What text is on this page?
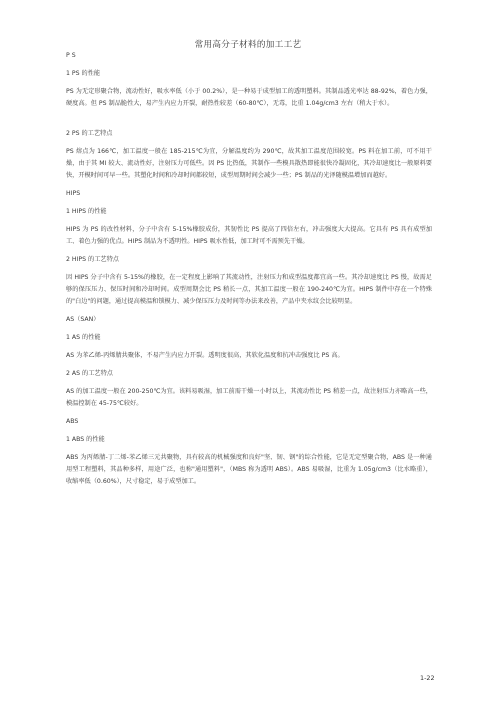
常用高分子材料的加工工艺
P S
1 PS 的性能
PS 为无定形聚合物，流动性好，吸水率低（小于 00.2%），是一种易于成型加工的透明塑料。其制品透光率达 88-92%，着色力强，硬度高。但 PS 制品脆性大，易产生内应力开裂，耐热性较差（60-80℃），无毒，比重 1.04g/cm3 左右（稍大于水）。
2 PS 的工艺特点
PS 熔点为 166℃，加工温度一般在 185-215℃为宜，分解温度约为 290℃，故其加工温度范围较宽。PS 料在加工前，可不用干燥，由于其 MI 较大、流动性好，注射压力可低些。因 PS 比热低，其制作一些模具散热即能很快冷凝固化，其冷却速度比一般原料要快，开模时间可早一些。其塑化时间和冷却时间都较短，成型周期时间会减少一些；PS 制品的光泽随模温增加而越好。
HIPS
1 HIPS 的性能
HIPS 为 PS 的改性材料，分子中含有 5-15%橡胶成份，其韧性比 PS 提高了四倍左右，冲击强度大大提高。它具有 PS 具有成型加工、着色力强的优点。HIPS 制品为不透明性。HIPS 吸水性低，加工时可不需预先干燥。
2 HIPS 的工艺特点
因 HIPS 分子中含有 5-15%的橡胶，在一定程度上影响了其流动性，注射压力和成型温度都宜高一些。其冷却速度比 PS 慢，故需足够的保压压力、保压时间和冷却时间。成型周期会比 PS 稍长一点，其加工温度一般在 190-240℃为宜。HIPS 制件中存在一个特殊的"白边"的问题，通过提高模温和锁模力、减少保压压力及时间等办法来改善，产品中夹水纹会比较明显。
AS（SAN）
1 AS 的性能
AS 为苯乙烯-丙烯腈共聚体，不易产生内应力开裂。透明度很高，其软化温度和抗冲击强度比 PS 高。
2 AS 的工艺特点
AS 的加工温度一般在 200-250℃为宜。该料易吸湿，加工前需干燥一小时以上，其流动性比 PS 稍差一点，故注射压力亦略高一些，模温控制在 45-75℃较好。
ABS
1 ABS 的性能
ABS 为丙烯腈-丁二烯-苯乙烯三元共聚物，具有较高的机械强度和良好"坚、韧、钢"的综合性能，它是无定型聚合物，ABS 是一种通用型工程塑料，其品种多样，用途广泛，也称"通用塑料"，（MBS 称为透明 ABS）。ABS 易吸湿，比重为 1.05g/cm3（比水略重），收缩率低（0.60%），尺寸稳定，易于成型加工。
1-22
